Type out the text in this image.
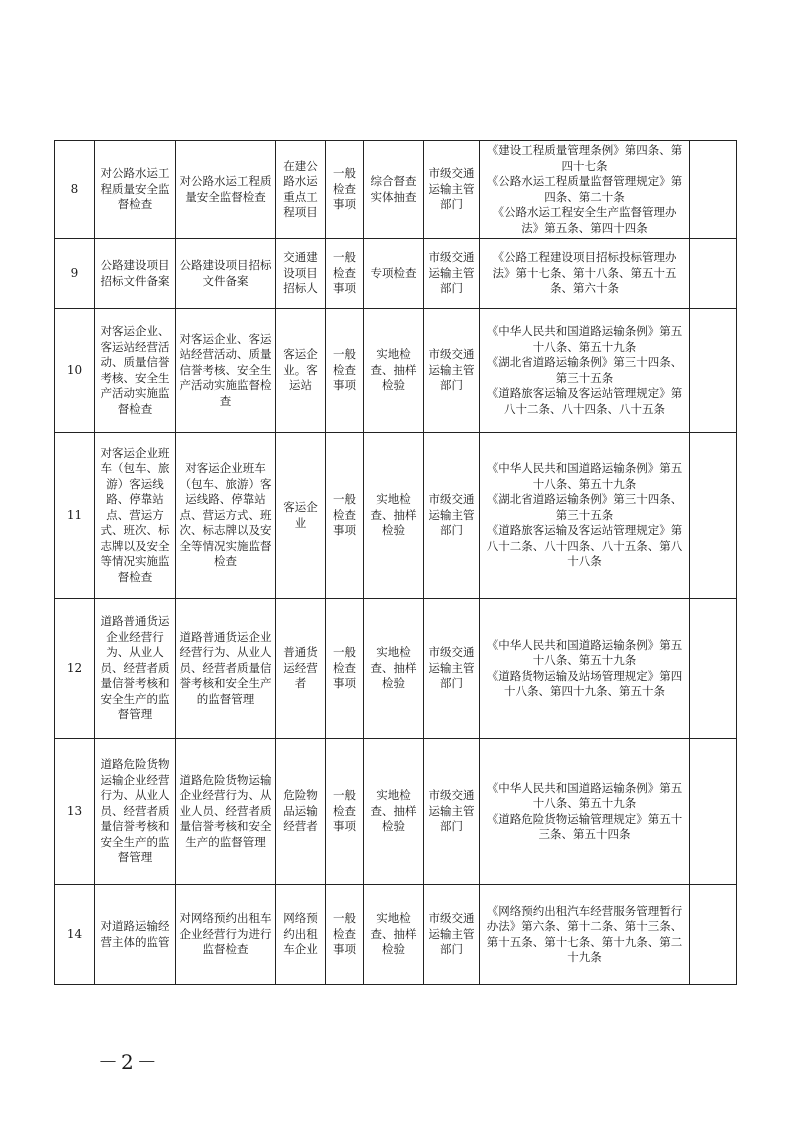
8	对公路水运工程质量安全监督检查	对公路水运工程质量安全监督检查	在建公路水运重点工程项目	一般检查事项	综合督查实体抽查	市级交通运输主管部门	《建设工程质量管理条例》第四条、第四十七条
《公路水运工程质量监督管理规定》第四条、第二十条
《公路水运工程安全生产监督管理办法》第五条、第四十四条	
9	公路建设项目招标文件备案	公路建设项目招标文件备案	交通建设项目招标人	一般检查事项	专项检查	市级交通运输主管部门	《公路工程建设项目招标投标管理办法》第十七条、第十八条、第五十五条、第六十条	
10	对客运企业、客运站经营活动、质量信誉考核、安全生产活动实施监督检查	对客运企业、客运站经营活动、质量信誉考核、安全生产活动实施监督检查	客运企业。客运站	一般检查事项	实地检查、抽样检验	市级交通运输主管部门	《中华人民共和国道路运输条例》第五十八条、第五十九条
《湖北省道路运输条例》第三十四条、第三十五条
《道路旅客运输及客运站管理规定》第八十二条、八十四条、八十五条	
11	对客运企业班车（包车、旅游）客运线路、停靠站点、营运方式、班次、标志牌以及安全等情况实施监督检查	对客运企业班车（包车、旅游）客运线路、停靠站点、营运方式、班次、标志牌以及安全等情况实施监督检查	客运企业	一般检查事项	实地检查、抽样检验	市级交通运输主管部门	《中华人民共和国道路运输条例》第五十八条、第五十九条
《湖北省道路运输条例》第三十四条、第三十五条
《道路旅客运输及客运站管理规定》第八十二条、八十四条、八十五条、第八十八条	
12	道路普通货运企业经营行为、从业人员、经营者质量信誉考核和安全生产的监督管理	道路普通货运企业经营行为、从业人员、经营者质量信誉考核和安全生产的监督管理	普通货运经营者	一般检查事项	实地检查、抽样检验	市级交通运输主管部门	《中华人民共和国道路运输条例》第五十八条、第五十九条
《道路货物运输及站场管理规定》第四十八条、第四十九条、第五十条	
13	道路危险货物运输企业经营行为、从业人员、经营者质量信誉考核和安全生产的监督管理	道路危险货物运输企业经营行为、从业人员、经营者质量信誉考核和安全生产的监督管理	危险物品运输经营者	一般检查事项	实地检查、抽样检验	市级交通运输主管部门	《中华人民共和国道路运输条例》第五十八条、第五十九条
《道路危险货物运输管理规定》第五十三条、第五十四条	
14	对道路运输经营主体的监管	对网络预约出租车企业经营行为进行监督检查	网络预约出租车企业	一般检查事项	实地检查、抽样检验	市级交通运输主管部门	《网络预约出租汽车经营服务管理暂行办法》第六条、第十二条、第十三条、第十五条、第十七条、第十九条、第二十九条	
－2－
